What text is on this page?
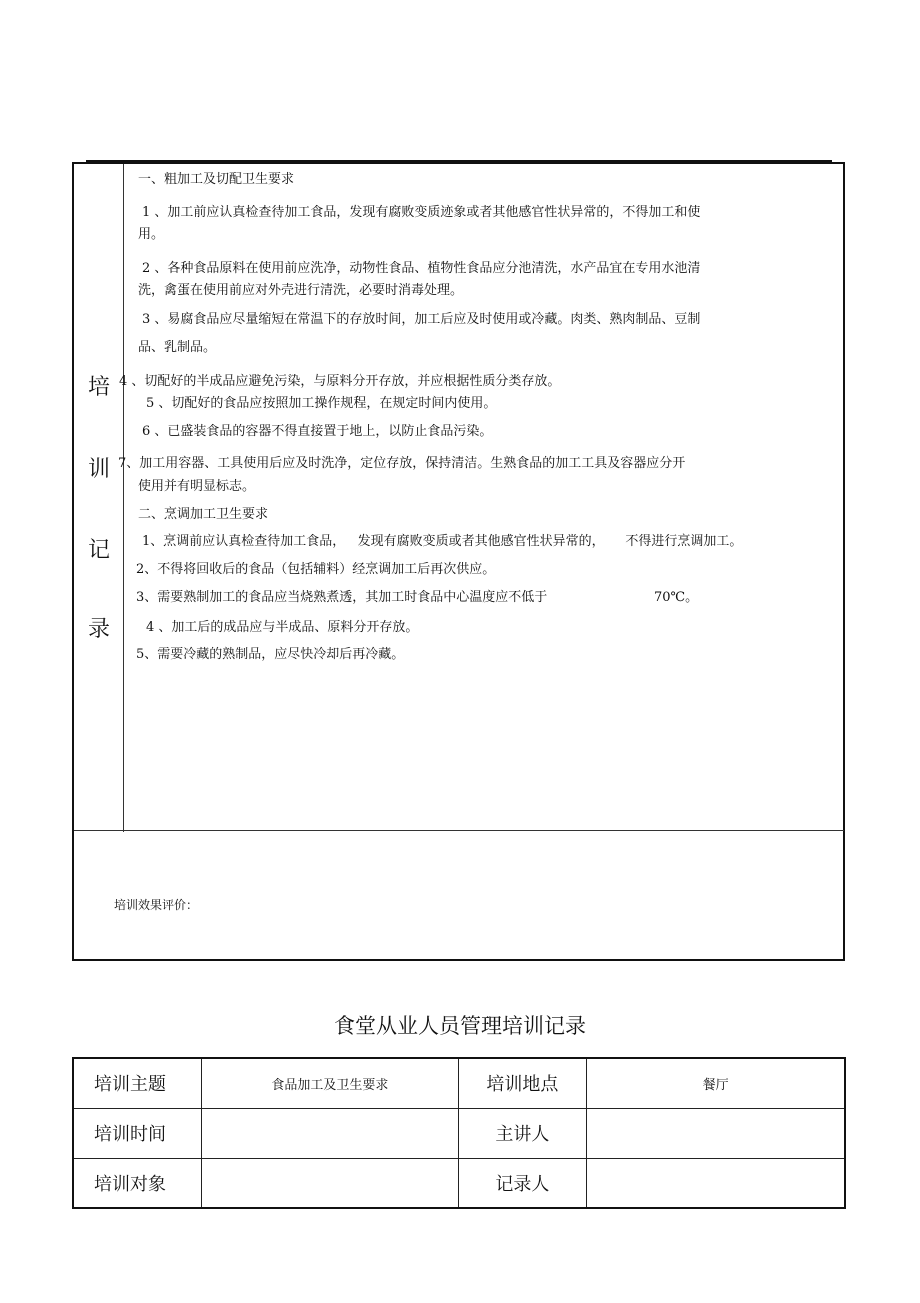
培
训
记
录
一、粗加工及切配卫生要求
1 、加工前应认真检查待加工食品，发现有腐败变质迹象或者其他感官性状异常的，不得加工和使
用。
2 、各种食品原料在使用前应洗净，动物性食品、植物性食品应分池清洗，水产品宜在专用水池清
洗，禽蛋在使用前应对外壳进行清洗，必要时消毒处理。
3 、易腐食品应尽量缩短在常温下的存放时间，加工后应及时使用或冷藏。肉类、熟肉制品、豆制
品、乳制品。
4 、切配好的半成品应避免污染，与原料分开存放，并应根据性质分类存放。
5 、切配好的食品应按照加工操作规程，在规定时间内使用。
6 、已盛装食品的容器不得直接置于地上，以防止食品污染。
7、加工用容器、工具使用后应及时洗净，定位存放，保持清洁。生熟食品的加工工具及容器应分开
使用并有明显标志。
二、烹调加工卫生要求
1、烹调前应认真检查待加工食品，   发现有腐败变质或者其他感官性状异常的，     不得进行烹调加工。
2、不得将回收后的食品（包括辅料）经烹调加工后再次供应。
3、需要熟制加工的食品应当烧熟煮透，其加工时食品中心温度应不低于	70℃。
4 、加工后的成品应与半成品、原料分开存放。
5、需要冷藏的熟制品，应尽快冷却后再冷藏。
培训效果评价：
食堂从业人员管理培训记录
培训主题	食品加工及卫生要求	培训地点	餐厅
培训时间		主讲人	
培训对象		记录人	
